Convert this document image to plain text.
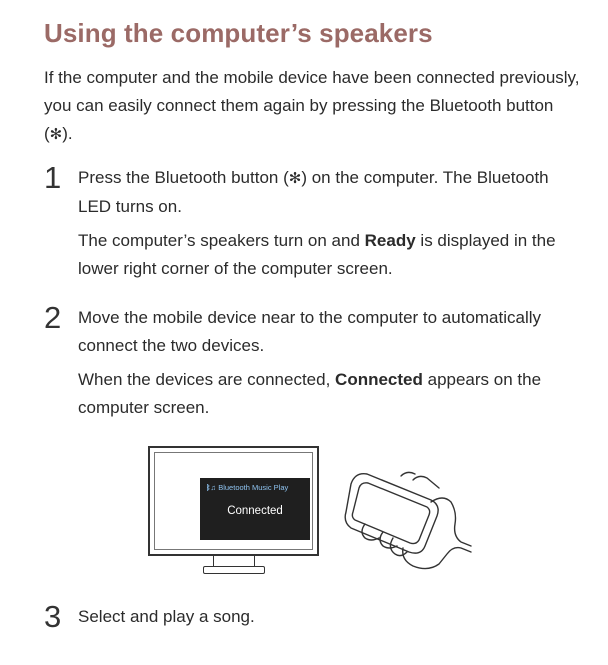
Using the computer’s speakers
If the computer and the mobile device have been connected previously, you can easily connect them again by pressing the Bluetooth button (✻).
1 Press the Bluetooth button (✻) on the computer. The Bluetooth LED turns on.

The computer’s speakers turn on and Ready is displayed in the lower right corner of the computer screen.

2 Move the mobile device near to the computer to automatically connect the two devices.

When the devices are connected, Connected appears on the computer screen.

ᛒ♫ Bluetooth Music Play
Connected
3 Select and play a song.
